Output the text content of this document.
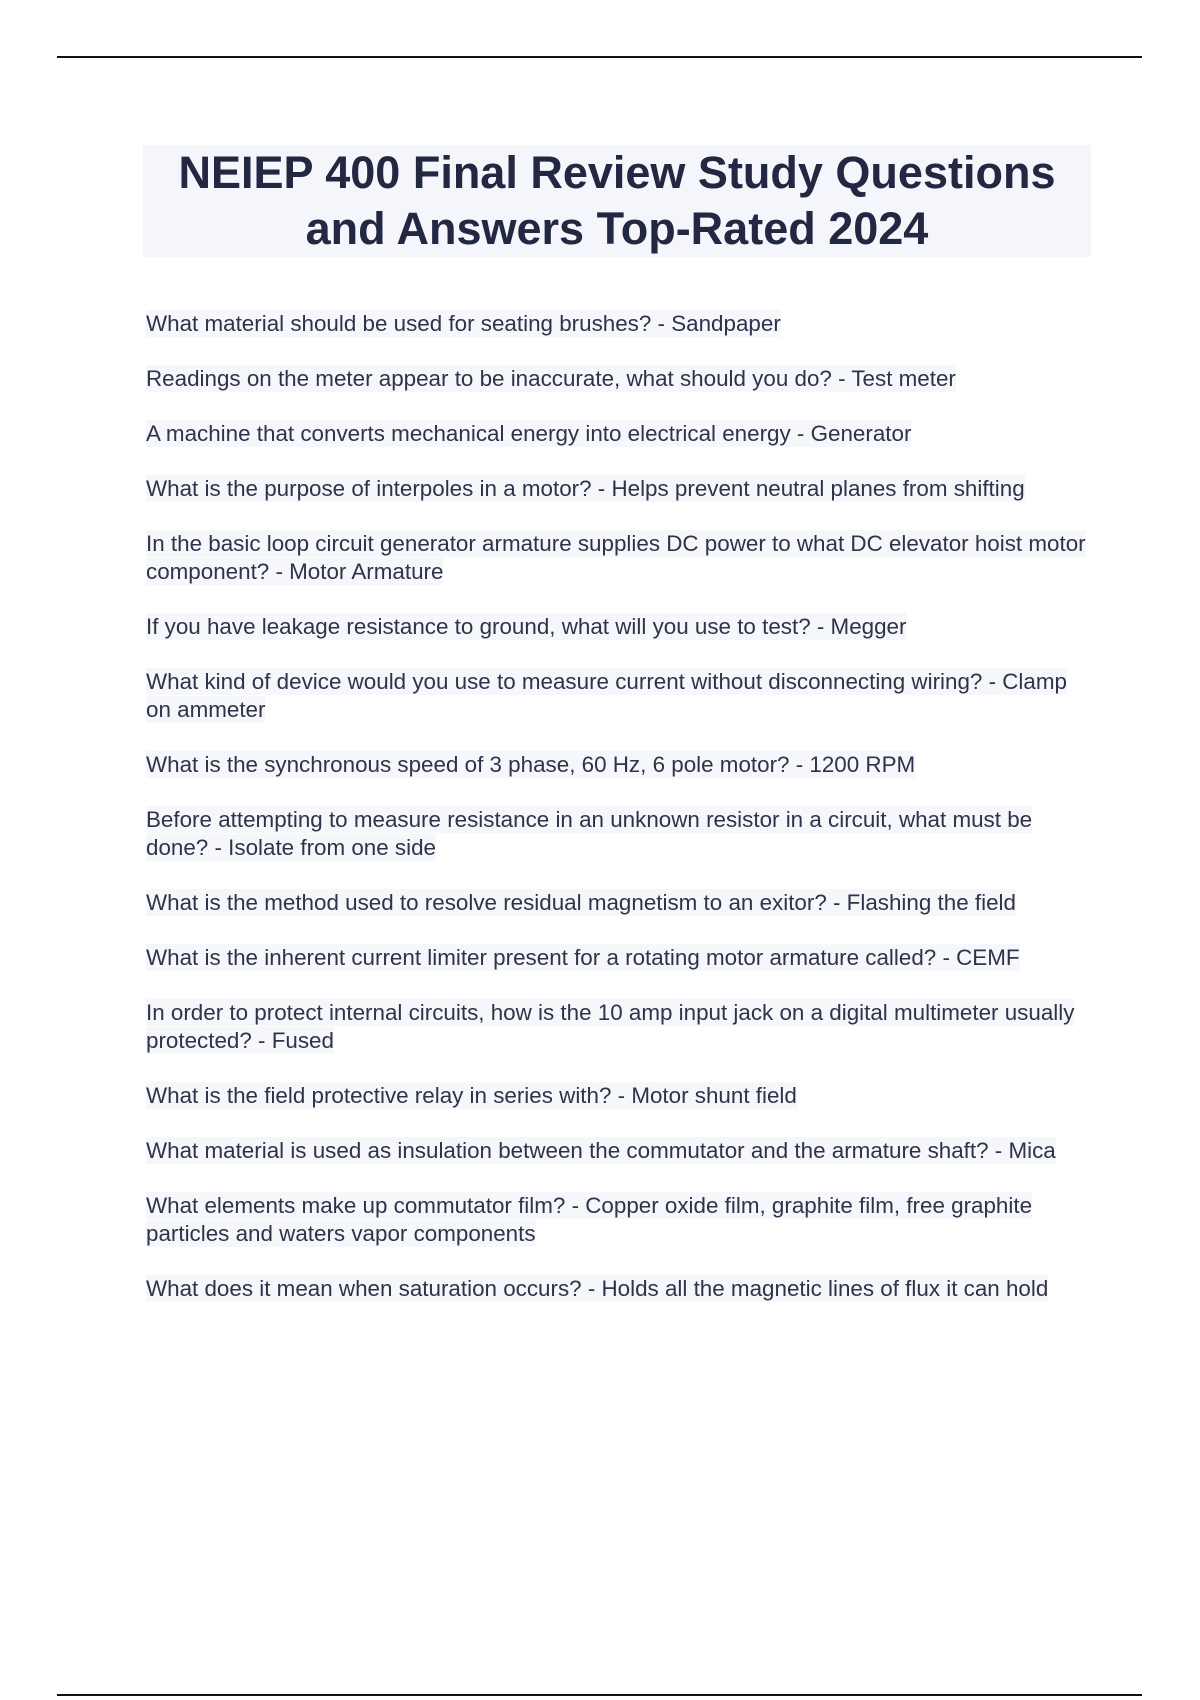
NEIEP 400 Final Review Study Questions
and Answers Top-Rated 2024
What material should be used for seating brushes? - Sandpaper
Readings on the meter appear to be inaccurate, what should you do? - Test meter
A machine that converts mechanical energy into electrical energy - Generator
What is the purpose of interpoles in a motor? - Helps prevent neutral planes from shifting
In the basic loop circuit generator armature supplies DC power to what DC elevator hoist motor component? - Motor Armature
If you have leakage resistance to ground, what will you use to test? - Megger
What kind of device would you use to measure current without disconnecting wiring? - Clamp on ammeter
What is the synchronous speed of 3 phase, 60 Hz, 6 pole motor? - 1200 RPM
Before attempting to measure resistance in an unknown resistor in a circuit, what must be done? - Isolate from one side
What is the method used to resolve residual magnetism to an exitor? - Flashing the field
What is the inherent current limiter present for a rotating motor armature called? - CEMF
In order to protect internal circuits, how is the 10 amp input jack on a digital multimeter usually protected? - Fused
What is the field protective relay in series with? - Motor shunt field
What material is used as insulation between the commutator and the armature shaft? - Mica
What elements make up commutator film? - Copper oxide film, graphite film, free graphite particles and waters vapor components
What does it mean when saturation occurs? - Holds all the magnetic lines of flux it can hold
